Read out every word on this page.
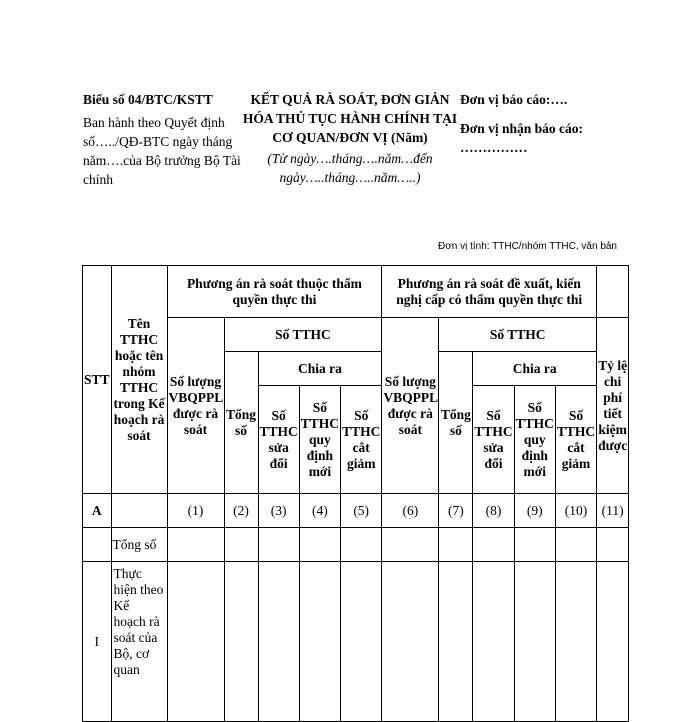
Biểu số 04/BTC/KSTT
Ban hành theo Quyết định số…../QĐ-BTC ngày tháng năm….của Bộ trưởng Bộ Tài chính
KẾT QUẢ RÀ SOÁT, ĐƠN GIẢN HÓA THỦ TỤC HÀNH CHÍNH TẠI CƠ QUAN/ĐƠN VỊ (Năm)
(Từ ngày….tháng….năm…đến ngày…..tháng…..năm…..)
Đơn vị báo cáo:….
Đơn vị nhận báo cáo: ……………
Đơn vị tính: TTHC/nhóm TTHC, văn bản
STT	Tên TTHC hoặc tên nhóm TTHC trong Kế hoạch rà soát	Phương án rà soát thuộc thẩm quyền thực thi					Phương án rà soát đề xuất, kiến nghị cấp có thẩm quyền thực thi					
		Số lượng VBQPPL được rà soát	Số TTHC				Số lượng VBQPPL được rà soát	Số TTHC				Tỷ lệ chi phí tiết kiệm được
			Tổng số	Chia ra				Tổng số	Chia ra			
				Số TTHC sửa đổi	Số TTHC quy định mới	Số TTHC cắt giảm			Số TTHC sửa đổi	Số TTHC quy định mới	Số TTHC cắt giảm	

A		(1)	(2)	(3)	(4)	(5)	(6)	(7)	(8)	(9)	(10)	(11)
	Tổng số											
I	Thực hiện theo Kế hoạch rà soát của Bộ, cơ quan											
